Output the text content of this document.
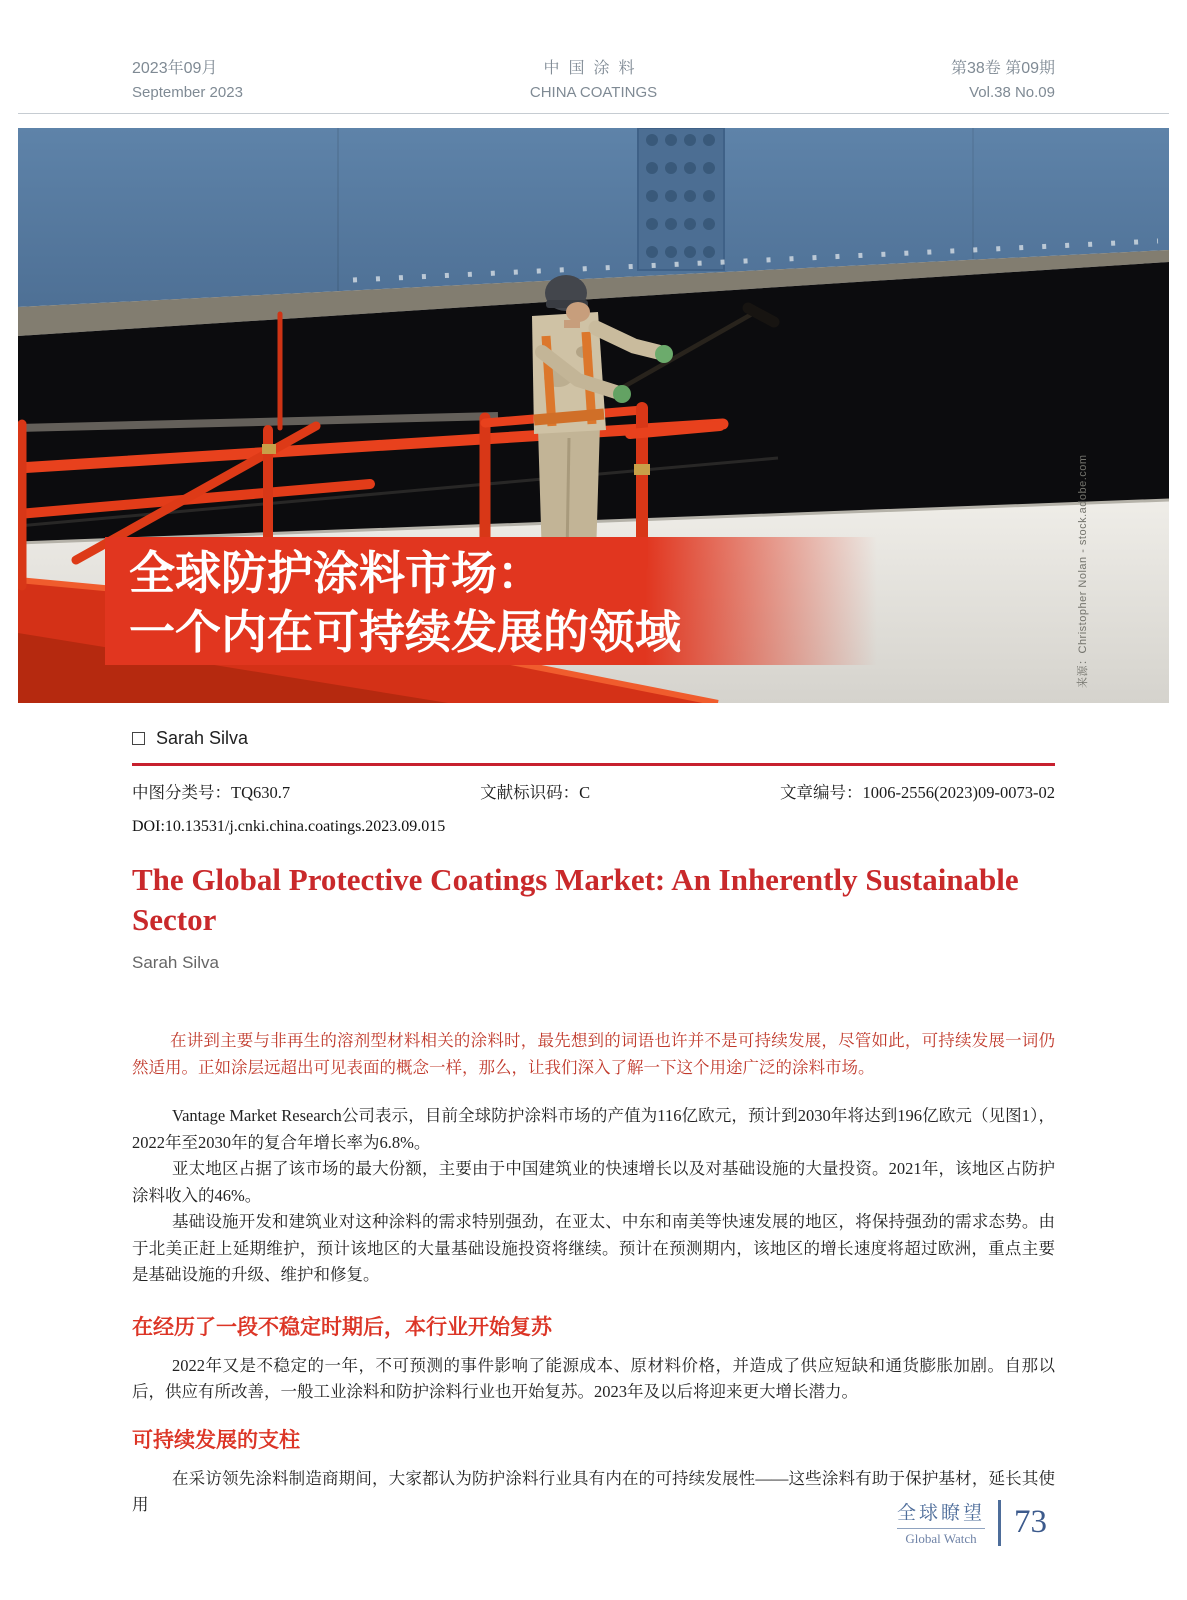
2023年09月
September 2023
中国涂料
CHINA COATINGS
第38卷 第09期
Vol.38 No.09
全球防护涂料市场：
一个内在可持续发展的领域	来源：Christopher Nolan - stock.adobe.com
Sarah Silva
中图分类号：TQ630.7	文献标识码：C	文章编号：1006-2556(2023)09-0073-02
DOI:10.13531/j.cnki.china.coatings.2023.09.015
The Global Protective Coatings Market: An Inherently Sustainable Sector
Sarah Silva

在讲到主要与非再生的溶剂型材料相关的涂料时，最先想到的词语也许并不是可持续发展，尽管如此，可持续发展一词仍然适用。正如涂层远超出可见表面的概念一样，那么，让我们深入了解一下这个用途广泛的涂料市场。

Vantage Market Research公司表示，目前全球防护涂料市场的产值为116亿欧元，预计到2030年将达到196亿欧元（见图1），2022年至2030年的复合年增长率为6.8%。

亚太地区占据了该市场的最大份额，主要由于中国建筑业的快速增长以及对基础设施的大量投资。2021年，该地区占防护涂料收入的46%。

基础设施开发和建筑业对这种涂料的需求特别强劲，在亚太、中东和南美等快速发展的地区，将保持强劲的需求态势。由于北美正赶上延期维护，预计该地区的大量基础设施投资将继续。预计在预测期内，该地区的增长速度将超过欧洲，重点主要是基础设施的升级、维护和修复。

在经历了一段不稳定时期后，本行业开始复苏

2022年又是不稳定的一年，不可预测的事件影响了能源成本、原材料价格，并造成了供应短缺和通货膨胀加剧。自那以后，供应有所改善，一般工业涂料和防护涂料行业也开始复苏。2023年及以后将迎来更大增长潜力。

可持续发展的支柱

在采访领先涂料制造商期间，大家都认为防护涂料行业具有内在的可持续发展性——这些涂料有助于保护基材，延长其使用	全球瞭望
Global Watch 73
